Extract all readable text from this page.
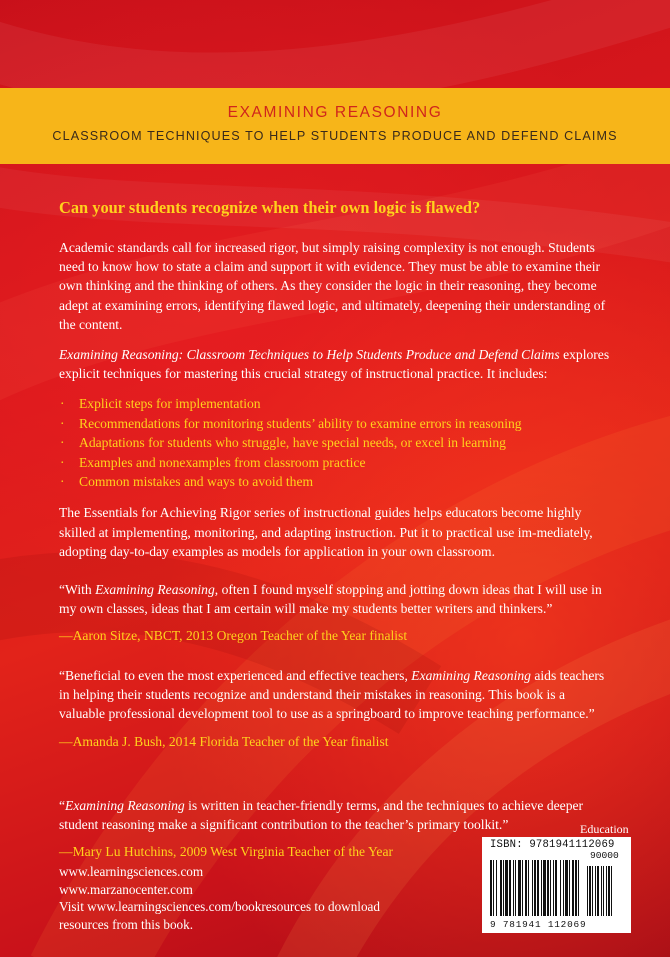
EXAMINING REASONING
CLASSROOM TECHNIQUES TO HELP STUDENTS PRODUCE AND DEFEND CLAIMS

Can your students recognize when their own logic is flawed?

Academic standards call for increased rigor, but simply raising complexity is not enough. Students need to know how to state a claim and support it with evidence. They must be able to examine their own thinking and the thinking of others. As they consider the logic in their reasoning, they become adept at examining errors, identifying flawed logic, and ultimately, deepening their understanding of the content.

Examining Reasoning: Classroom Techniques to Help Students Produce and Defend Claims explores explicit techniques for mastering this crucial strategy of instructional practice. It includes:

· Explicit steps for implementation
· Recommendations for monitoring students’ ability to examine errors in reasoning
· Adaptations for students who struggle, have special needs, or excel in learning
· Examples and nonexamples from classroom practice
· Common mistakes and ways to avoid them

The Essentials for Achieving Rigor series of instructional guides helps educators become highly skilled at implementing, monitoring, and adapting instruction. Put it to practical use im-mediately, adopting day-to-day examples as models for application in your own classroom.

“With Examining Reasoning, often I found myself stopping and jotting down ideas that I will use in my own classes, ideas that I am certain will make my students better writers and thinkers.”

—Aaron Sitze, NBCT, 2013 Oregon Teacher of the Year finalist

“Beneficial to even the most experienced and effective teachers, Examining Reasoning aids teachers in helping their students recognize and understand their mistakes in reasoning. This book is a valuable professional development tool to use as a springboard to improve teaching performance.”

—Amanda J. Bush, 2014 Florida Teacher of the Year finalist

“Examining Reasoning is written in teacher-friendly terms, and the techniques to achieve deeper student reasoning make a significant contribution to the teacher’s primary toolkit.”

—Mary Lu Hutchins, 2009 West Virginia Teacher of the Year

www.learningsciences.com
www.marzanocenter.com
Visit www.learningsciences.com/bookresources to download resources from this book.
Education
ISBN: 9781941112069
90000
9 781941 112069
